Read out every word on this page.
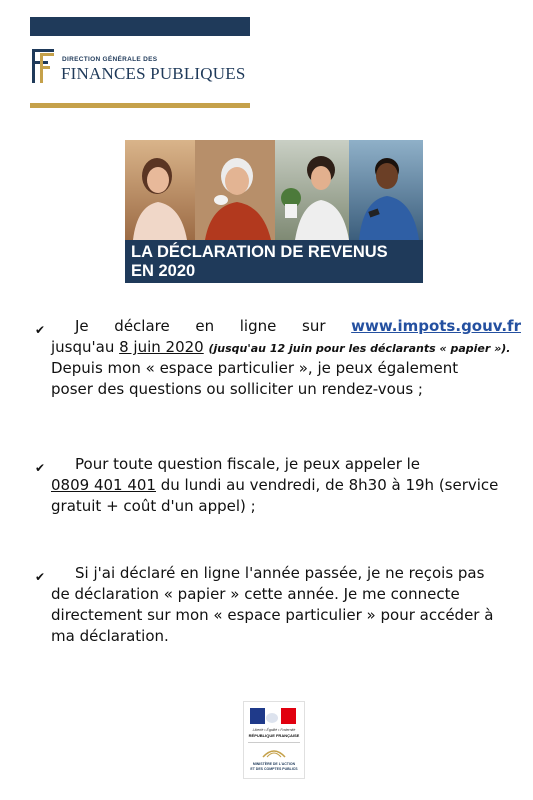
DIRECTION GÉNÉRALE DES
FINANCES PUBLIQUES
LA DÉCLARATION DE REVENUS
EN 2020
✔	Je déclare en ligne sur www.impots.gouv.fr
jusqu'au 8 juin 2020 (jusqu'au 12 juin pour les déclarants « papier »).
Depuis mon « espace particulier », je peux également
poser des questions ou solliciter un rendez-vous ;
✔	Pour toute question fiscale, je peux appeler le
0809 401 401 du lundi au vendredi, de 8h30 à 19h (service
gratuit + coût d'un appel) ;
✔	Si j'ai déclaré en ligne l'année passée, je ne reçois pas
de déclaration « papier » cette année. Je me connecte
directement sur mon « espace particulier » pour accéder à
ma déclaration.
Liberté • Égalité • Fraternité
RÉPUBLIQUE FRANÇAISE
MINISTÈRE DE L'ACTION
ET DES COMPTES PUBLICS
